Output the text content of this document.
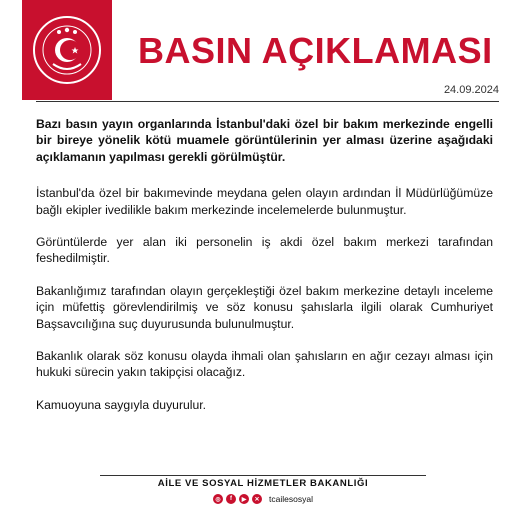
BASIN AÇIKLAMASI
24.09.2024

Bazı basın yayın organlarında İstanbul'daki özel bir bakım merkezinde engelli bir bireye yönelik kötü muamele görüntülerinin yer alması üzerine aşağıdaki açıklamanın yapılması gerekli görülmüştür.

İstanbul'da özel bir bakımevinde meydana gelen olayın ardından İl Müdürlüğümüze bağlı ekipler ivedilikle bakım merkezinde incelemelerde bulunmuştur.

Görüntülerde yer alan iki personelin iş akdi özel bakım merkezi tarafından feshedilmiştir.

Bakanlığımız tarafından olayın gerçekleştiği özel bakım merkezine detaylı inceleme için müfettiş görevlendirilmiş ve söz konusu şahıslarla ilgili olarak Cumhuriyet Başsavcılığına suç duyurusunda bulunulmuştur.

Bakanlık olarak söz konusu olayda ihmali olan şahısların en ağır cezayı alması için hukuki sürecin yakın takipçisi olacağız.

Kamuoyuna saygıyla duyurulur.

AİLE VE SOSYAL HİZMETLER BAKANLIĞI
◎	f	▶	✕ tcailesosyal
